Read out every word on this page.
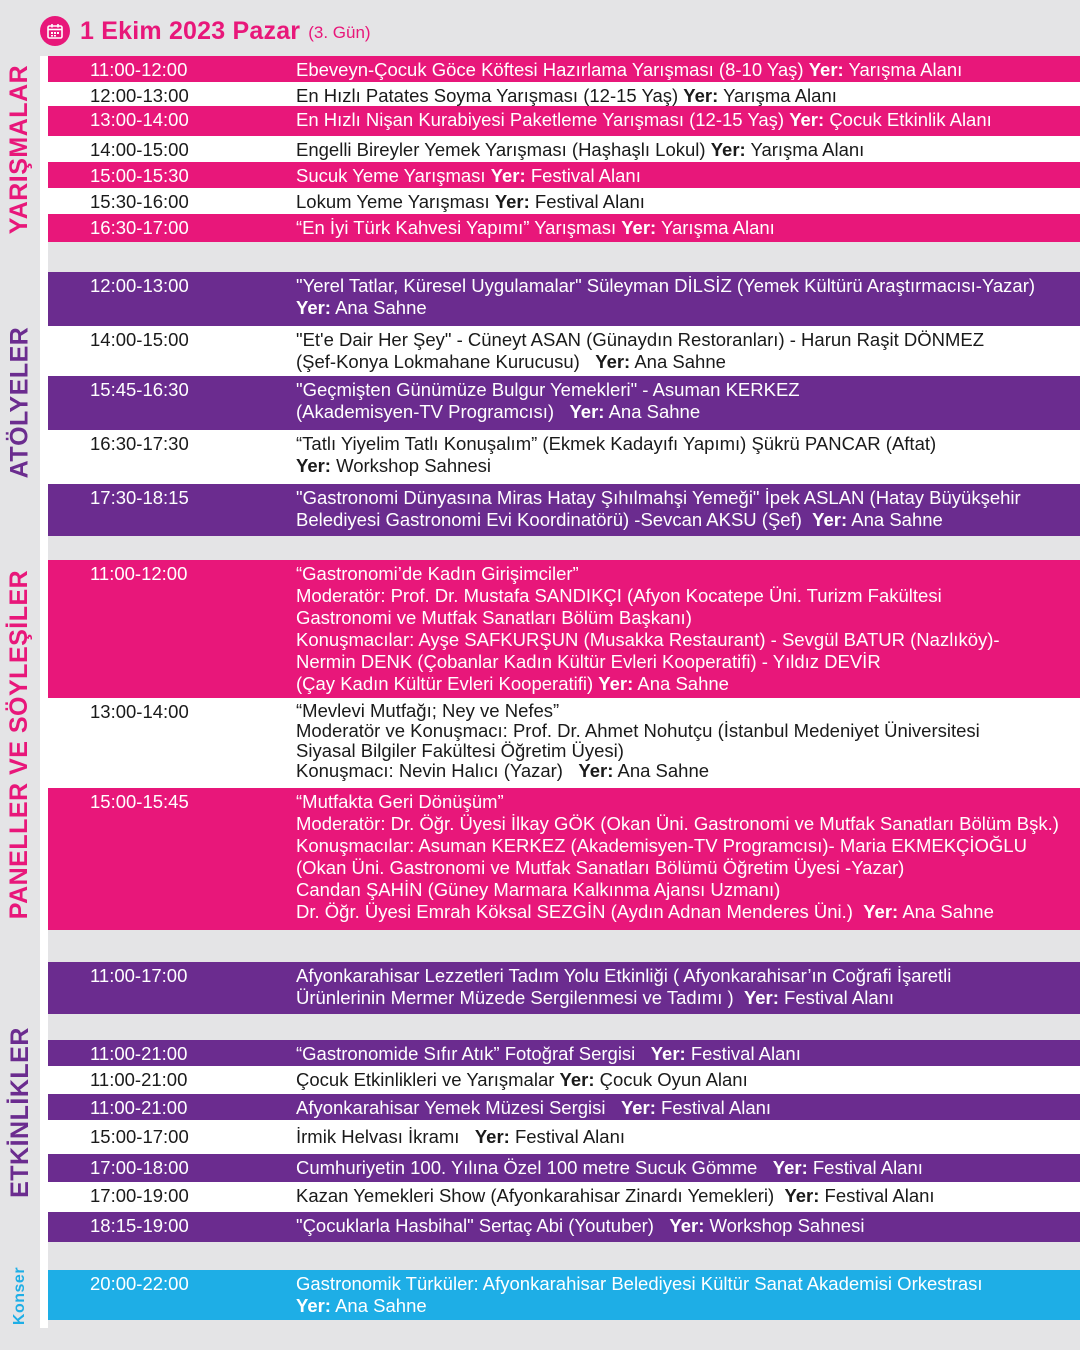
1 Ekim 2023 Pazar (3. Gün)
YARIŞMALAR
ATÖLYELER
PANELLER VE SÖYLEŞİLER
ETKİNLİKLER
Konser
11:00-12:00	Ebeveyn-Çocuk Göce Köftesi Hazırlama Yarışması (8-10 Yaş) Yer: Yarışma Alanı
12:00-13:00	En Hızlı Patates Soyma Yarışması (12-15 Yaş) Yer: Yarışma Alanı
13:00-14:00	En Hızlı Nişan Kurabiyesi Paketleme Yarışması (12-15 Yaş) Yer: Çocuk Etkinlik Alanı
14:00-15:00	Engelli Bireyler Yemek Yarışması (Haşhaşlı Lokul) Yer: Yarışma Alanı
15:00-15:30	Sucuk Yeme Yarışması Yer: Festival Alanı
15:30-16:00	Lokum Yeme Yarışması Yer: Festival Alanı
16:30-17:00	“En İyi Türk Kahvesi Yapımı” Yarışması Yer: Yarışma Alanı
12:00-13:00	"Yerel Tatlar, Küresel Uygulamalar" Süleyman DİLSİZ (Yemek Kültürü Araştırmacısı-Yazar)
Yer: Ana Sahne
14:00-15:00	"Et'e Dair Her Şey" - Cüneyt ASAN (Günaydın Restoranları) - Harun Raşit DÖNMEZ
(Şef-Konya Lokmahane Kurucusu) Yer: Ana Sahne
15:45-16:30	"Geçmişten Günümüze Bulgur Yemekleri" - Asuman KERKEZ
(Akademisyen-TV Programcısı) Yer: Ana Sahne
16:30-17:30	“Tatlı Yiyelim Tatlı Konuşalım” (Ekmek Kadayıfı Yapımı) Şükrü PANCAR (Aftat)
Yer: Workshop Sahnesi
17:30-18:15	"Gastronomi Dünyasına Miras Hatay Şıhılmahşi Yemeği" İpek ASLAN (Hatay Büyükşehir
Belediyesi Gastronomi Evi Koordinatörü) -Sevcan AKSU (Şef) Yer: Ana Sahne
11:00-12:00	“Gastronomi’de Kadın Girişimciler”
Moderatör: Prof. Dr. Mustafa SANDIKÇI (Afyon Kocatepe Üni. Turizm Fakültesi
Gastronomi ve Mutfak Sanatları Bölüm Başkanı)
Konuşmacılar: Ayşe SAFKURŞUN (Musakka Restaurant) - Sevgül BATUR (Nazlıköy)-
Nermin DENK (Çobanlar Kadın Kültür Evleri Kooperatifi) - Yıldız DEVİR
(Çay Kadın Kültür Evleri Kooperatifi) Yer: Ana Sahne
13:00-14:00	“Mevlevi Mutfağı; Ney ve Nefes”
Moderatör ve Konuşmacı: Prof. Dr. Ahmet Nohutçu (İstanbul Medeniyet Üniversitesi
Siyasal Bilgiler Fakültesi Öğretim Üyesi)
Konuşmacı: Nevin Halıcı (Yazar) Yer: Ana Sahne
15:00-15:45	“Mutfakta Geri Dönüşüm”
Moderatör: Dr. Öğr. Üyesi İlkay GÖK (Okan Üni. Gastronomi ve Mutfak Sanatları Bölüm Bşk.)
Konuşmacılar: Asuman KERKEZ (Akademisyen-TV Programcısı)- Maria EKMEKÇİOĞLU
(Okan Üni. Gastronomi ve Mutfak Sanatları Bölümü Öğretim Üyesi -Yazar)
Candan ŞAHİN (Güney Marmara Kalkınma Ajansı Uzmanı)
Dr. Öğr. Üyesi Emrah Köksal SEZGİN (Aydın Adnan Menderes Üni.) Yer: Ana Sahne
11:00-17:00	Afyonkarahisar Lezzetleri Tadım Yolu Etkinliği ( Afyonkarahisar’ın Coğrafi İşaretli
Ürünlerinin Mermer Müzede Sergilenmesi ve Tadımı ) Yer: Festival Alanı
11:00-21:00	“Gastronomide Sıfır Atık” Fotoğraf Sergisi Yer: Festival Alanı
11:00-21:00	Çocuk Etkinlikleri ve Yarışmalar Yer: Çocuk Oyun Alanı
11:00-21:00	Afyonkarahisar Yemek Müzesi Sergisi Yer: Festival Alanı
15:00-17:00	İrmik Helvası İkramı Yer: Festival Alanı
17:00-18:00	Cumhuriyetin 100. Yılına Özel 100 metre Sucuk Gömme Yer: Festival Alanı
17:00-19:00	Kazan Yemekleri Show (Afyonkarahisar Zinardı Yemekleri) Yer: Festival Alanı
18:15-19:00	"Çocuklarla Hasbihal" Sertaç Abi (Youtuber) Yer: Workshop Sahnesi
20:00-22:00	Gastronomik Türküler: Afyonkarahisar Belediyesi Kültür Sanat Akademisi Orkestrası
Yer: Ana Sahne
